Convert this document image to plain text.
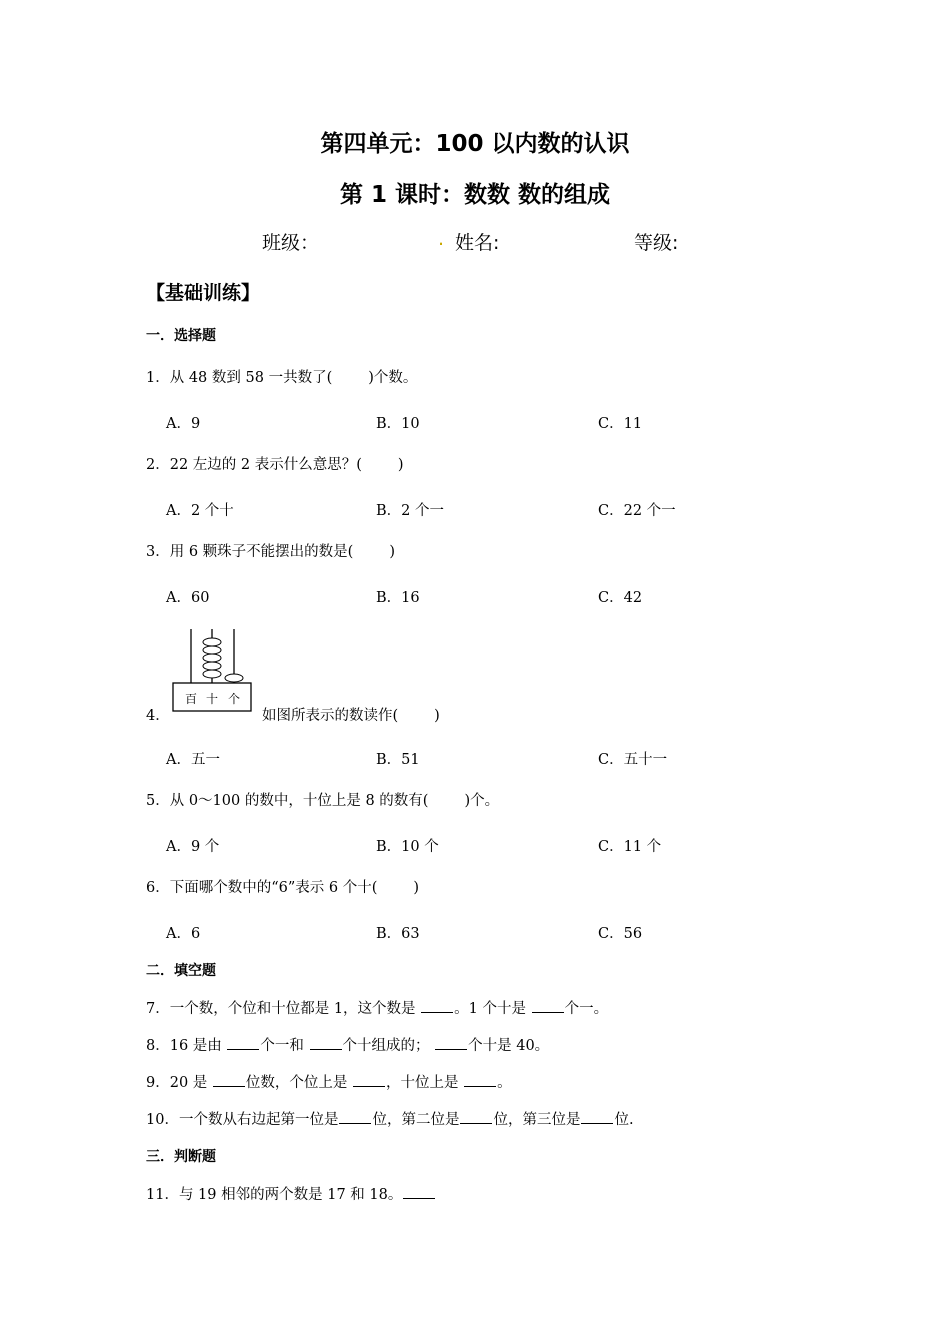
第四单元：100 以内数的认识
第 1 课时：数数 数的组成
班级：	. 姓名:	等级:
【基础训练】
一．选择题
1．从 48 数到 58 一共数了( )个数。
A．9	B．10	C．11
2．22 左边的 2 表示什么意思？( )
A．2 个十	B．2 个一	C．22 个一
3．用 6 颗珠子不能摆出的数是( )
A．60	B．16	C．42
百 十 个
4．	如图所表示的数读作( )
A．五一	B．51	C．五十一
5．从 0～100 的数中，十位上是 8 的数有( )个。
A．9 个	B．10 个	C．11 个
6．下面哪个数中的“6”表示 6 个十( )
A．6	B．63	C．56
二．填空题
7．一个数，个位和十位都是 1，这个数是 。1 个十是 个一。
8．16 是由 个一和 个十组成的； 个十是 40。
9．20 是 位数，个位上是 ，十位上是 。
10．一个数从右边起第一位是 位，第二位是 位，第三位是 位.
三．判断题
11．与 19 相邻的两个数是 17 和 18。
